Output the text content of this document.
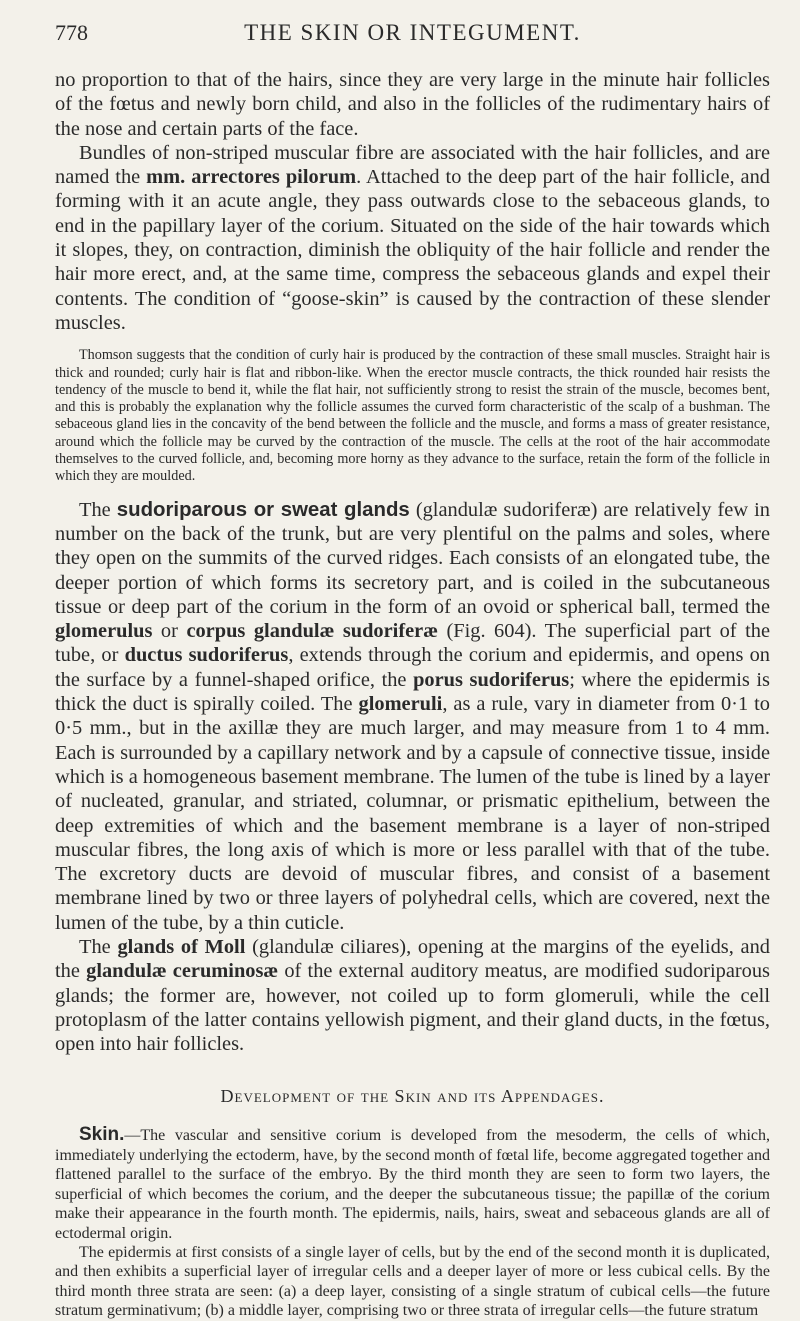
778	THE SKIN OR INTEGUMENT.

no proportion to that of the hairs, since they are very large in the minute hair follicles of the fœtus and newly born child, and also in the follicles of the rudimentary hairs of the nose and certain parts of the face.

Bundles of non-striped muscular fibre are associated with the hair follicles, and are named the mm. arrectores pilorum. Attached to the deep part of the hair follicle, and forming with it an acute angle, they pass outwards close to the sebaceous glands, to end in the papillary layer of the corium. Situated on the side of the hair towards which it slopes, they, on contraction, diminish the obliquity of the hair follicle and render the hair more erect, and, at the same time, compress the sebaceous glands and expel their contents. The condition of “goose-skin” is caused by the contraction of these slender muscles.

Thomson suggests that the condition of curly hair is produced by the contraction of these small muscles. Straight hair is thick and rounded; curly hair is flat and ribbon-like. When the erector muscle contracts, the thick rounded hair resists the tendency of the muscle to bend it, while the flat hair, not sufficiently strong to resist the strain of the muscle, becomes bent, and this is probably the explanation why the follicle assumes the curved form characteristic of the scalp of a bushman. The sebaceous gland lies in the concavity of the bend between the follicle and the muscle, and forms a mass of greater resistance, around which the follicle may be curved by the contraction of the muscle. The cells at the root of the hair accommodate themselves to the curved follicle, and, becoming more horny as they advance to the surface, retain the form of the follicle in which they are moulded.

The sudoriparous or sweat glands (glandulæ sudoriferæ) are relatively few in number on the back of the trunk, but are very plentiful on the palms and soles, where they open on the summits of the curved ridges. Each consists of an elongated tube, the deeper portion of which forms its secretory part, and is coiled in the subcutaneous tissue or deep part of the corium in the form of an ovoid or spherical ball, termed the glomerulus or corpus glandulæ sudoriferæ (Fig. 604). The superficial part of the tube, or ductus sudoriferus, extends through the corium and epidermis, and opens on the surface by a funnel-shaped orifice, the porus sudoriferus; where the epidermis is thick the duct is spirally coiled. The glomeruli, as a rule, vary in diameter from 0·1 to 0·5 mm., but in the axillæ they are much larger, and may measure from 1 to 4 mm. Each is surrounded by a capillary network and by a capsule of connective tissue, inside which is a homogeneous basement membrane. The lumen of the tube is lined by a layer of nucleated, granular, and striated, columnar, or prismatic epithelium, between the deep extremities of which and the basement membrane is a layer of non-striped muscular fibres, the long axis of which is more or less parallel with that of the tube. The excretory ducts are devoid of muscular fibres, and consist of a basement membrane lined by two or three layers of polyhedral cells, which are covered, next the lumen of the tube, by a thin cuticle.

The glands of Moll (glandulæ ciliares), opening at the margins of the eyelids, and the glandulæ ceruminosæ of the external auditory meatus, are modified sudoriparous glands; the former are, however, not coiled up to form glomeruli, while the cell protoplasm of the latter contains yellowish pigment, and their gland ducts, in the fœtus, open into hair follicles.

Development of the Skin and its Appendages.

Skin.—The vascular and sensitive corium is developed from the mesoderm, the cells of which, immediately underlying the ectoderm, have, by the second month of fœtal life, become aggregated together and flattened parallel to the surface of the embryo. By the third month they are seen to form two layers, the superficial of which becomes the corium, and the deeper the subcutaneous tissue; the papillæ of the corium make their appearance in the fourth month. The epidermis, nails, hairs, sweat and sebaceous glands are all of ectodermal origin.

The epidermis at first consists of a single layer of cells, but by the end of the second month it is duplicated, and then exhibits a superficial layer of irregular cells and a deeper layer of more or less cubical cells. By the third month three strata are seen: (a) a deep layer, consisting of a single stratum of cubical cells—the future stratum germinativum; (b) a middle layer, comprising two or three strata of irregular cells—the future stratum
